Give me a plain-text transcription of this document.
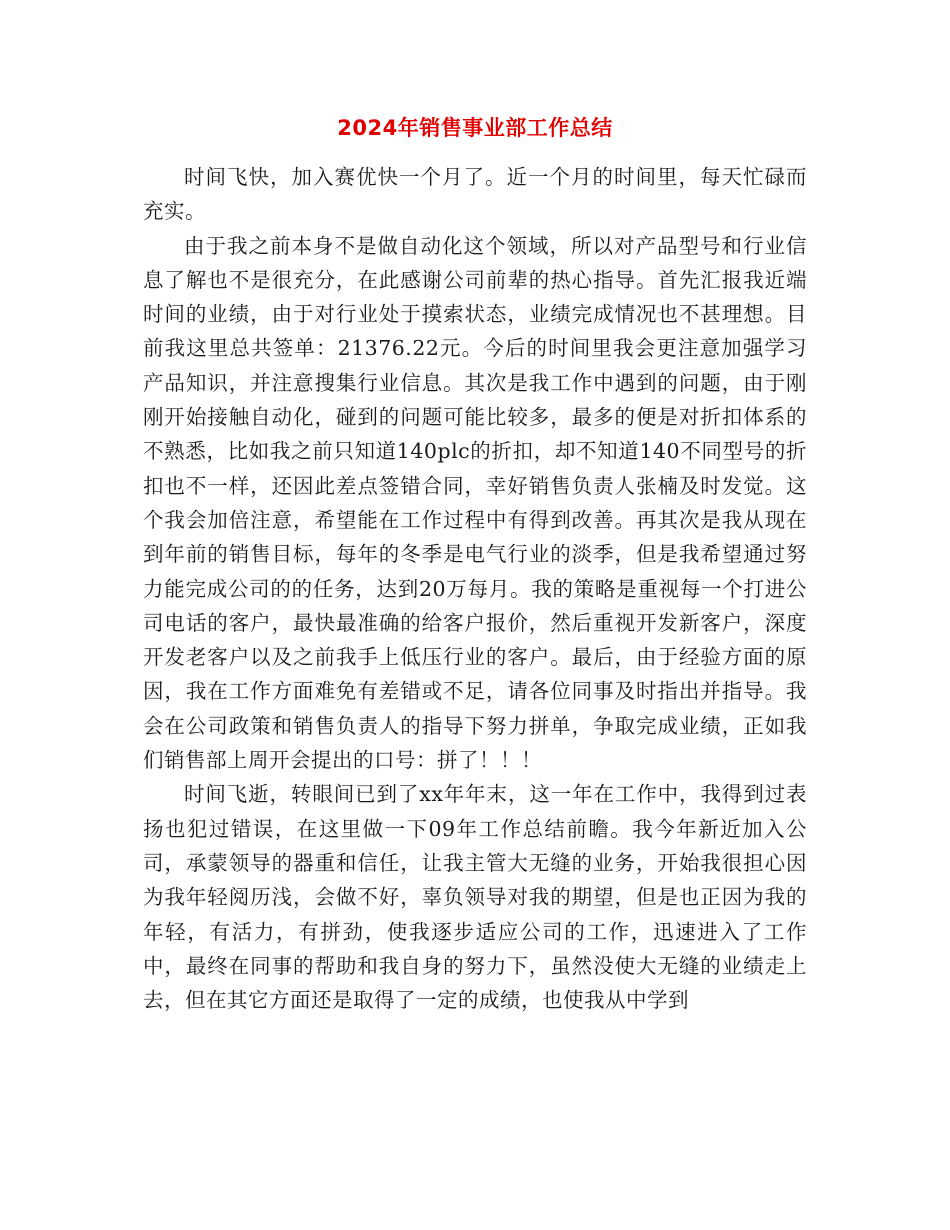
2024年销售事业部工作总结

时间飞快，加入赛优快一个月了。近一个月的时间里，每天忙碌而充实。

由于我之前本身不是做自动化这个领域，所以对产品型号和行业信息了解也不是很充分，在此感谢公司前辈的热心指导。首先汇报我近端时间的业绩，由于对行业处于摸索状态，业绩完成情况也不甚理想。目前我这里总共签单：21376.22元。今后的时间里我会更注意加强学习产品知识，并注意搜集行业信息。其次是我工作中遇到的问题，由于刚刚开始接触自动化，碰到的问题可能比较多，最多的便是对折扣体系的不熟悉，比如我之前只知道140plc的折扣，却不知道140不同型号的折扣也不一样，还因此差点签错合同，幸好销售负责人张楠及时发觉。这个我会加倍注意，希望能在工作过程中有得到改善。再其次是我从现在到年前的销售目标，每年的冬季是电气行业的淡季，但是我希望通过努力能完成公司的的任务，达到20万每月。我的策略是重视每一个打进公司电话的客户，最快最准确的给客户报价，然后重视开发新客户，深度开发老客户以及之前我手上低压行业的客户。最后，由于经验方面的原因，我在工作方面难免有差错或不足，请各位同事及时指出并指导。我会在公司政策和销售负责人的指导下努力拼单，争取完成业绩，正如我们销售部上周开会提出的口号：拼了！！！

时间飞逝，转眼间已到了xx年年末，这一年在工作中，我得到过表扬也犯过错误，在这里做一下09年工作总结前瞻。我今年新近加入公司，承蒙领导的器重和信任，让我主管大无缝的业务，开始我很担心因为我年轻阅历浅，会做不好，辜负领导对我的期望，但是也正因为我的年轻，有活力，有拼劲，使我逐步适应公司的工作，迅速进入了工作中，最终在同事的帮助和我自身的努力下，虽然没使大无缝的业绩走上去，但在其它方面还是取得了一定的成绩，也使我从中学到
